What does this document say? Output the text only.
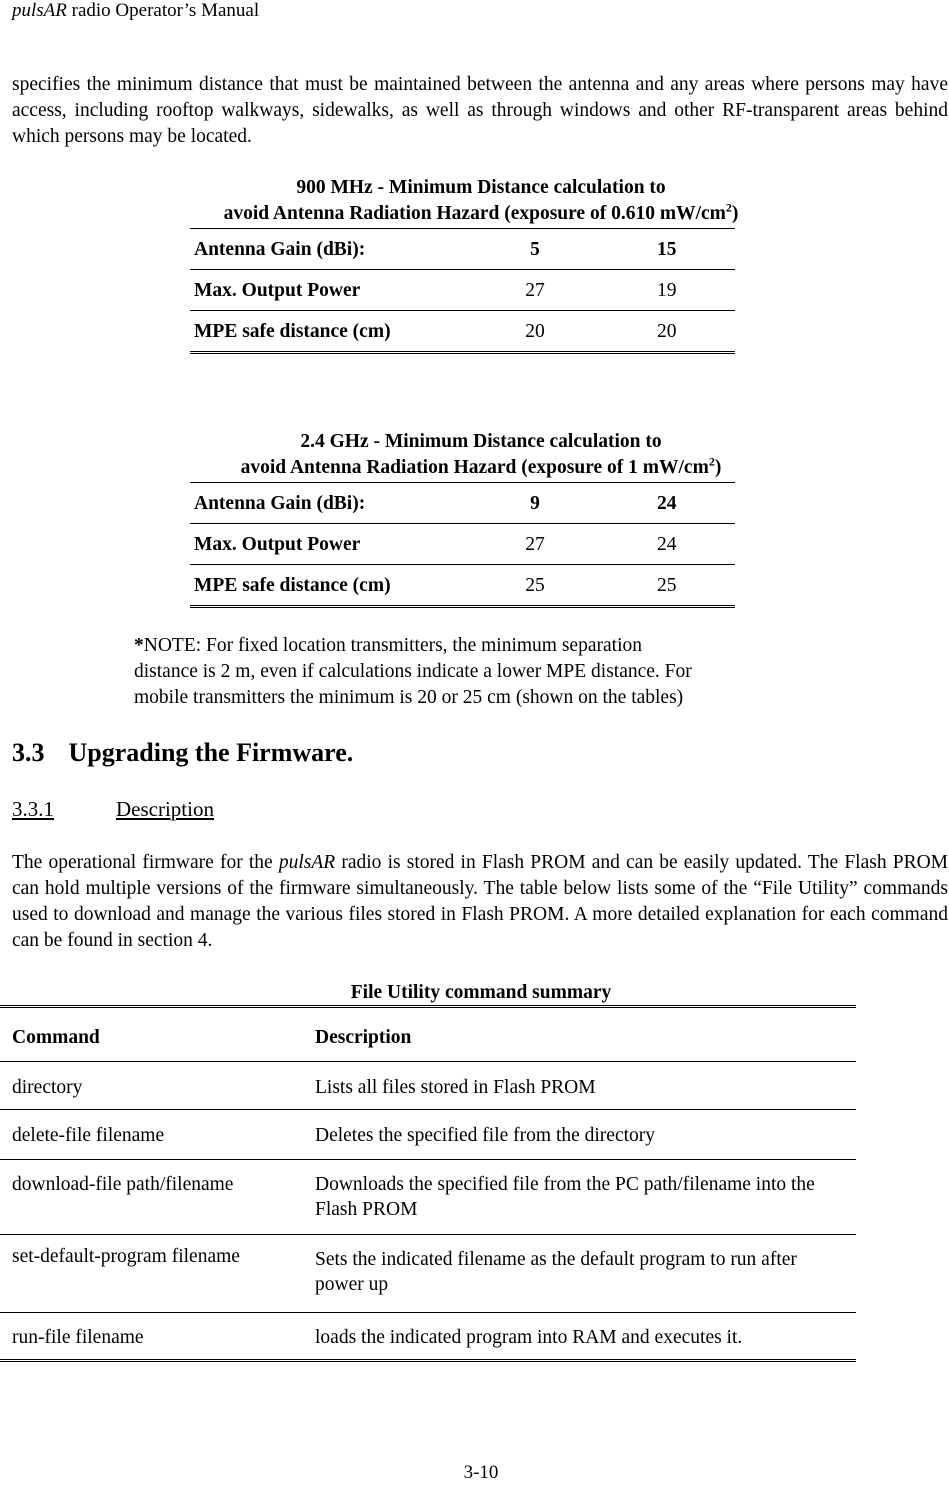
pulsAR radio Operator’s Manual
specifies the minimum distance that must be maintained between the antenna and any areas where persons may have access, including rooftop walkways, sidewalks, as well as through windows and other RF-transparent areas behind which persons may be located.
900 MHz - Minimum Distance calculation to
avoid Antenna Radiation Hazard (exposure of 0.610 $mW/cm^2$)
Antenna Gain (dBi):	5	15
Max. Output Power	27	19
MPE safe distance (cm)	20	20
2.4 GHz - Minimum Distance calculation to
avoid Antenna Radiation Hazard (exposure of 1 $mW/cm^2$)
Antenna Gain (dBi):	9	24
Max. Output Power	27	24
MPE safe distance (cm)	25	25
*NOTE: For fixed location transmitters, the minimum separation
distance is 2 m, even if calculations indicate a lower MPE distance. For
mobile transmitters the minimum is 20 or 25 cm (shown on the tables)
3.3 Upgrading the Firmware.
3.3.1	Description
The operational firmware for the pulsAR radio is stored in Flash PROM and can be easily updated. The Flash PROM can hold multiple versions of the firmware simultaneously. The table below lists some of the “File Utility” commands used to download and manage the various files stored in Flash PROM. A more detailed explanation for each command can be found in section 4.
File Utility command summary
Command	Description
directory	Lists all files stored in Flash PROM
delete-file filename	Deletes the specified file from the directory
download-file path/filename	Downloads the specified file from the PC path/filename into the Flash PROM
set-default-program filename	Sets the indicated filename as the default program to run after power up
run-file filename	loads the indicated program into RAM and executes it.
3-10
